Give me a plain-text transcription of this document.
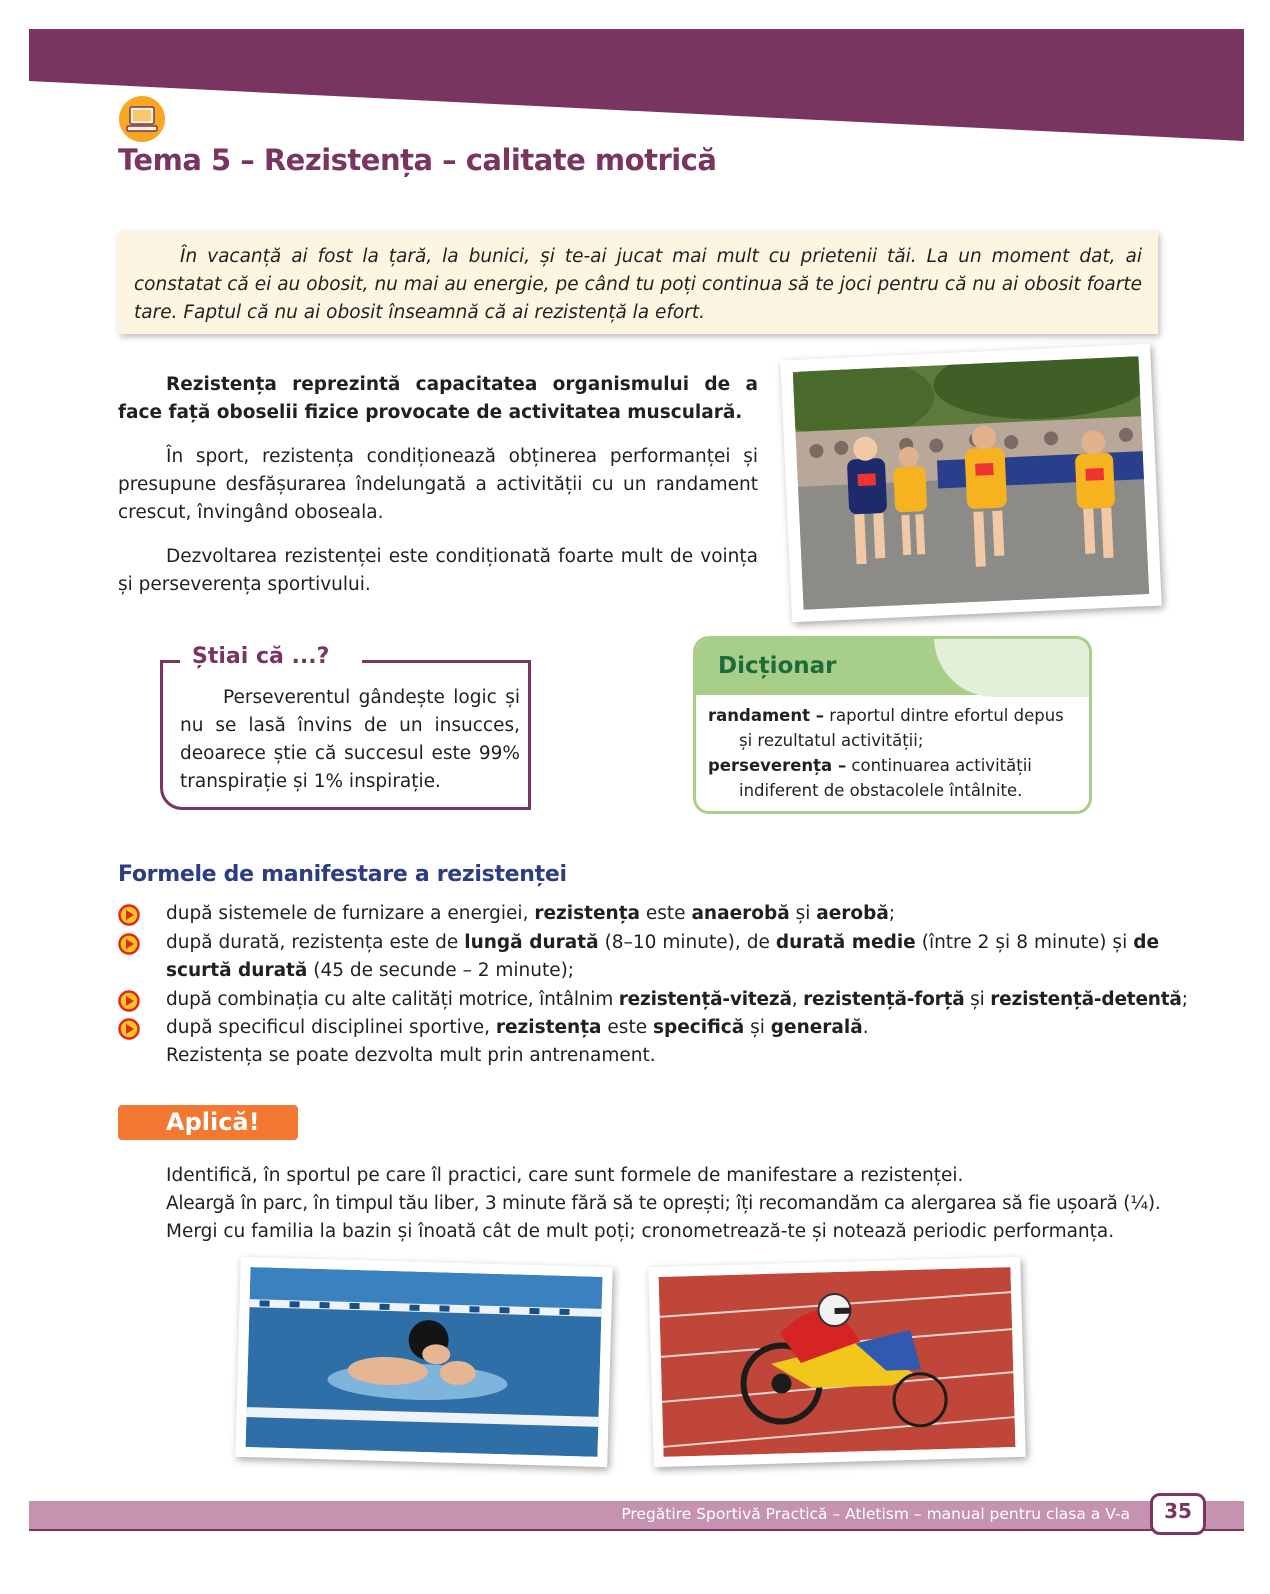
Tema 5 – Rezistența – calitate motrică
În vacanță ai fost la țară, la bunici, și te-ai jucat mai mult cu prietenii tăi. La un moment dat, ai constatat că ei au obosit, nu mai au energie, pe când tu poți continua să te joci pentru că nu ai obosit foarte tare. Faptul că nu ai obosit înseamnă că ai rezistență la efort.
Rezistența reprezintă capacitatea organismului de a face față oboselii fizice provocate de activitatea musculară.
În sport, rezistența condiționează obținerea performanței și presupune desfășurarea îndelungată a activității cu un randament crescut, învingând oboseala.
Dezvoltarea rezistenței este condiționată foarte mult de voința și perseverența sportivului.
Știai că ...?
Perseverentul gândește logic și nu se lasă învins de un insucces, deoarece știe că succesul este 99% transpirație și 1% inspirație.
Dicționar
randament – raportul dintre efortul depus
și rezultatul activității;
perseverența – continuarea activității
indiferent de obstacolele întâlnite.
Formele de manifestare a rezistenței
după sistemele de furnizare a energiei, rezistența este anaerobă și aerobă;
după durată, rezistența este de lungă durată (8–10 minute), de durată medie (între 2 și 8 minute) și de scurtă durată (45 de secunde – 2 minute);
după combinația cu alte calități motrice, întâlnim rezistență-viteză, rezistență-forță și rezistență-detentă;
după specificul disciplinei sportive, rezistența este specifică și generală.
Rezistența se poate dezvolta mult prin antrenament.
Aplică!
Identifică, în sportul pe care îl practici, care sunt formele de manifestare a rezistenței.
Aleargă în parc, în timpul tău liber, 3 minute fără să te oprești; îți recomandăm ca alergarea să fie ușoară (¼).
Mergi cu familia la bazin și înoată cât de mult poți; cronometrează-te și notează periodic performanța.
Pregătire Sportivă Practică – Atletism – manual pentru clasa a V-a	35
